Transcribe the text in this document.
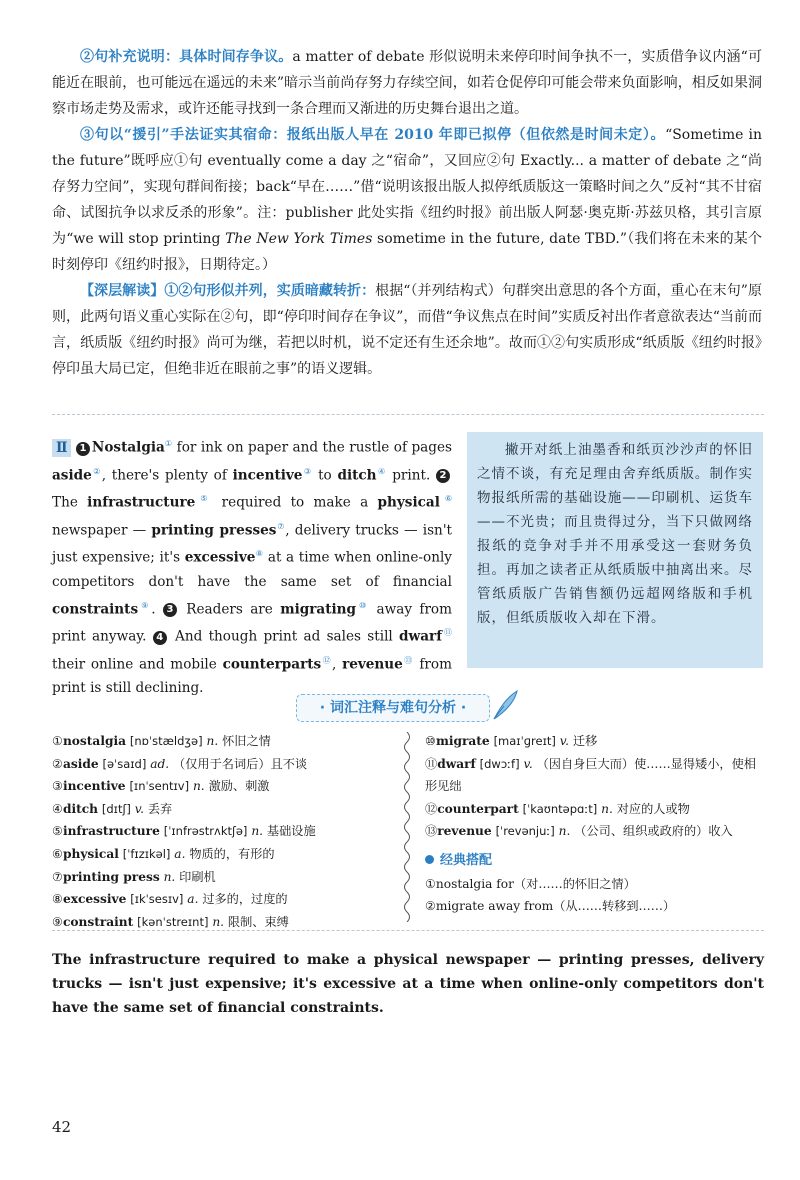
②句补充说明：具体时间存争议。a matter of debate 形似说明未来停印时间争执不一，实质借争议内涵“可能近在眼前，也可能远在遥远的未来”暗示当前尚存努力存续空间，如若仓促停印可能会带来负面影响，相反如果洞察市场走势及需求，或许还能寻找到一条合理而又渐进的历史舞台退出之道。

③句以“援引”手法证实其宿命：报纸出版人早在 2010 年即已拟停（但依然是时间未定）。“Sometime in the future”既呼应①句 eventually come a day 之“宿命”，又回应②句 Exactly... a matter of debate 之“尚存努力空间”，实现句群间衔接；back“早在……”借“说明该报出版人拟停纸质版这一策略时间之久”反衬“其不甘宿命、试图抗争以求反杀的形象”。注：publisher 此处实指《纽约时报》前出版人阿瑟·奥克斯·苏兹贝格，其引言原为“we will stop printing The New York Times sometime in the future, date TBD.”（我们将在未来的某个时刻停印《纽约时报》，日期待定。）

【深层解读】①②句形似并列，实质暗藏转折：根据“（并列结构式）句群突出意思的各个方面，重心在末句”原则，此两句语义重心实际在②句，即“停印时间存在争议”，而借“争议焦点在时间”实质反衬出作者意欲表达“当前而言，纸质版《纽约时报》尚可为继，若把以时机，说不定还有生还余地”。故而①②句实质形成“纸质版《纽约时报》停印虽大局已定，但绝非近在眼前之事”的语义逻辑。

Ⅱ 1 Nostalgia① for ink on paper and the rustle of pages aside②, there's plenty of incentive③ to ditch④ print. 2 The infrastructure⑤ required to make a physical⑥ newspaper — printing presses⑦, delivery trucks — isn't just expensive; it's excessive⑧ at a time when online-only competitors don't have the same set of financial constraints⑨. 3 Readers are migrating⑩ away from print anyway. 4 And though print ad sales still dwarf⑪ their online and mobile counterparts⑫, revenue⑬ from print is still declining.

撇开对纸上油墨香和纸页沙沙声的怀旧之情不谈，有充足理由舍弃纸质版。制作实物报纸所需的基础设施——印刷机、运货车——不光贵；而且贵得过分，当下只做网络报纸的竞争对手并不用承受这一套财务负担。再加之读者正从纸质版中抽离出来。尽管纸质版广告销售额仍远超网络版和手机版，但纸质版收入却在下滑。

· 词汇注释与难句分析 ·
①nostalgia [nɒˈstældʒə] n. 怀旧之情
②aside [əˈsaɪd] ad. （仅用于名词后）且不谈
③incentive [ɪnˈsentɪv] n. 激励、刺激
④ditch [dɪtʃ] v. 丢弃
⑤infrastructure [ˈɪnfrəstrʌktʃə] n. 基础设施
⑥physical [ˈfɪzɪkəl] a. 物质的，有形的
⑦printing press n. 印刷机
⑧excessive [ɪkˈsesɪv] a. 过多的，过度的
⑨constraint [kənˈstreɪnt] n. 限制、束缚
⑩migrate [maɪˈɡreɪt] v. 迁移
⑪dwarf [dwɔːf] v. （因自身巨大而）使……显得矮小，使相形见绌
⑫counterpart [ˈkaʊntəpɑːt] n. 对应的人或物
⑬revenue [ˈrevənjuː] n. （公司、组织或政府的）收入
经典搭配
①nostalgia for（对……的怀旧之情）
②migrate away from（从……转移到……）
The infrastructure required to make a physical newspaper — printing presses, delivery trucks — isn't just expensive; it's excessive at a time when online-only competitors don't have the same set of financial constraints.
42
